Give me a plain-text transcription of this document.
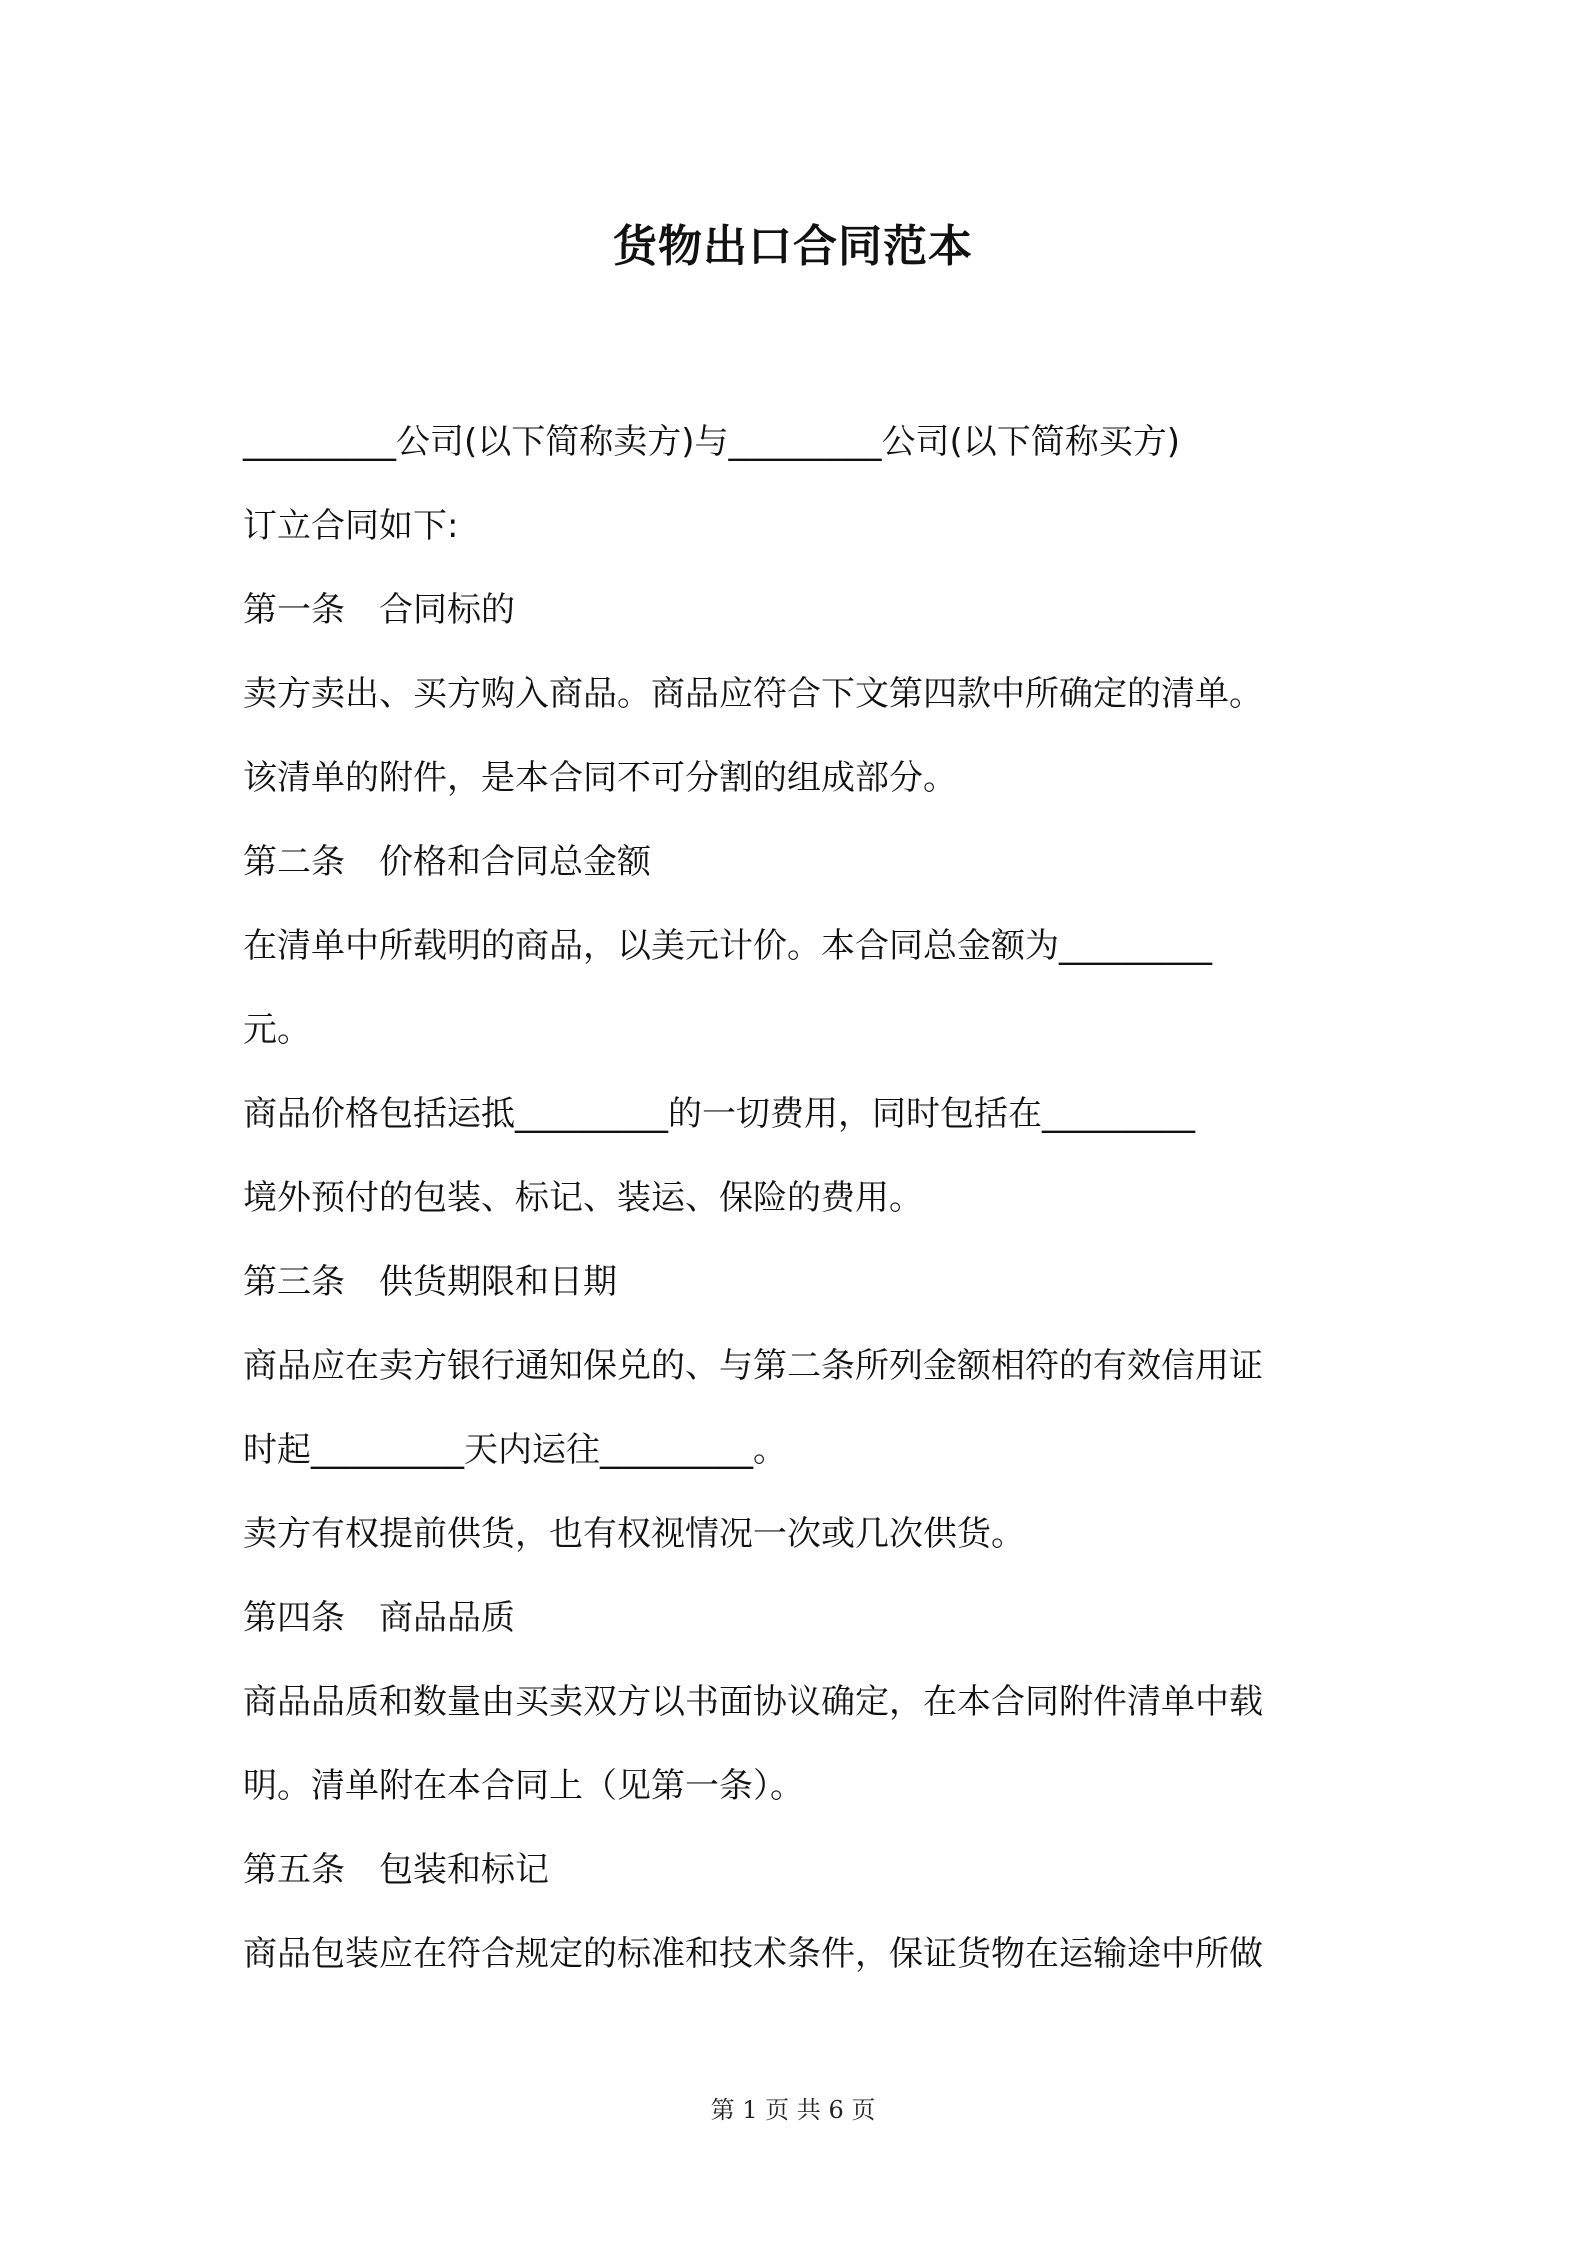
货物出口合同范本
_________公司(以下简称卖方)与_________公司(以下简称买方)
订立合同如下:
第一条　合同标的
卖方卖出、买方购入商品。商品应符合下文第四款中所确定的清单。
该清单的附件，是本合同不可分割的组成部分。
第二条　价格和合同总金额
在清单中所载明的商品，以美元计价。本合同总金额为_________
元。
商品价格包括运抵_________的一切费用，同时包括在_________
境外预付的包装、标记、装运、保险的费用。
第三条　供货期限和日期
商品应在卖方银行通知保兑的、与第二条所列金额相符的有效信用证
时起_________天内运往_________。
卖方有权提前供货，也有权视情况一次或几次供货。
第四条　商品品质
商品品质和数量由买卖双方以书面协议确定，在本合同附件清单中载
明。清单附在本合同上（见第一条）。
第五条　包装和标记
商品包装应在符合规定的标准和技术条件，保证货物在运输途中所做
第 1 页 共 6 页
